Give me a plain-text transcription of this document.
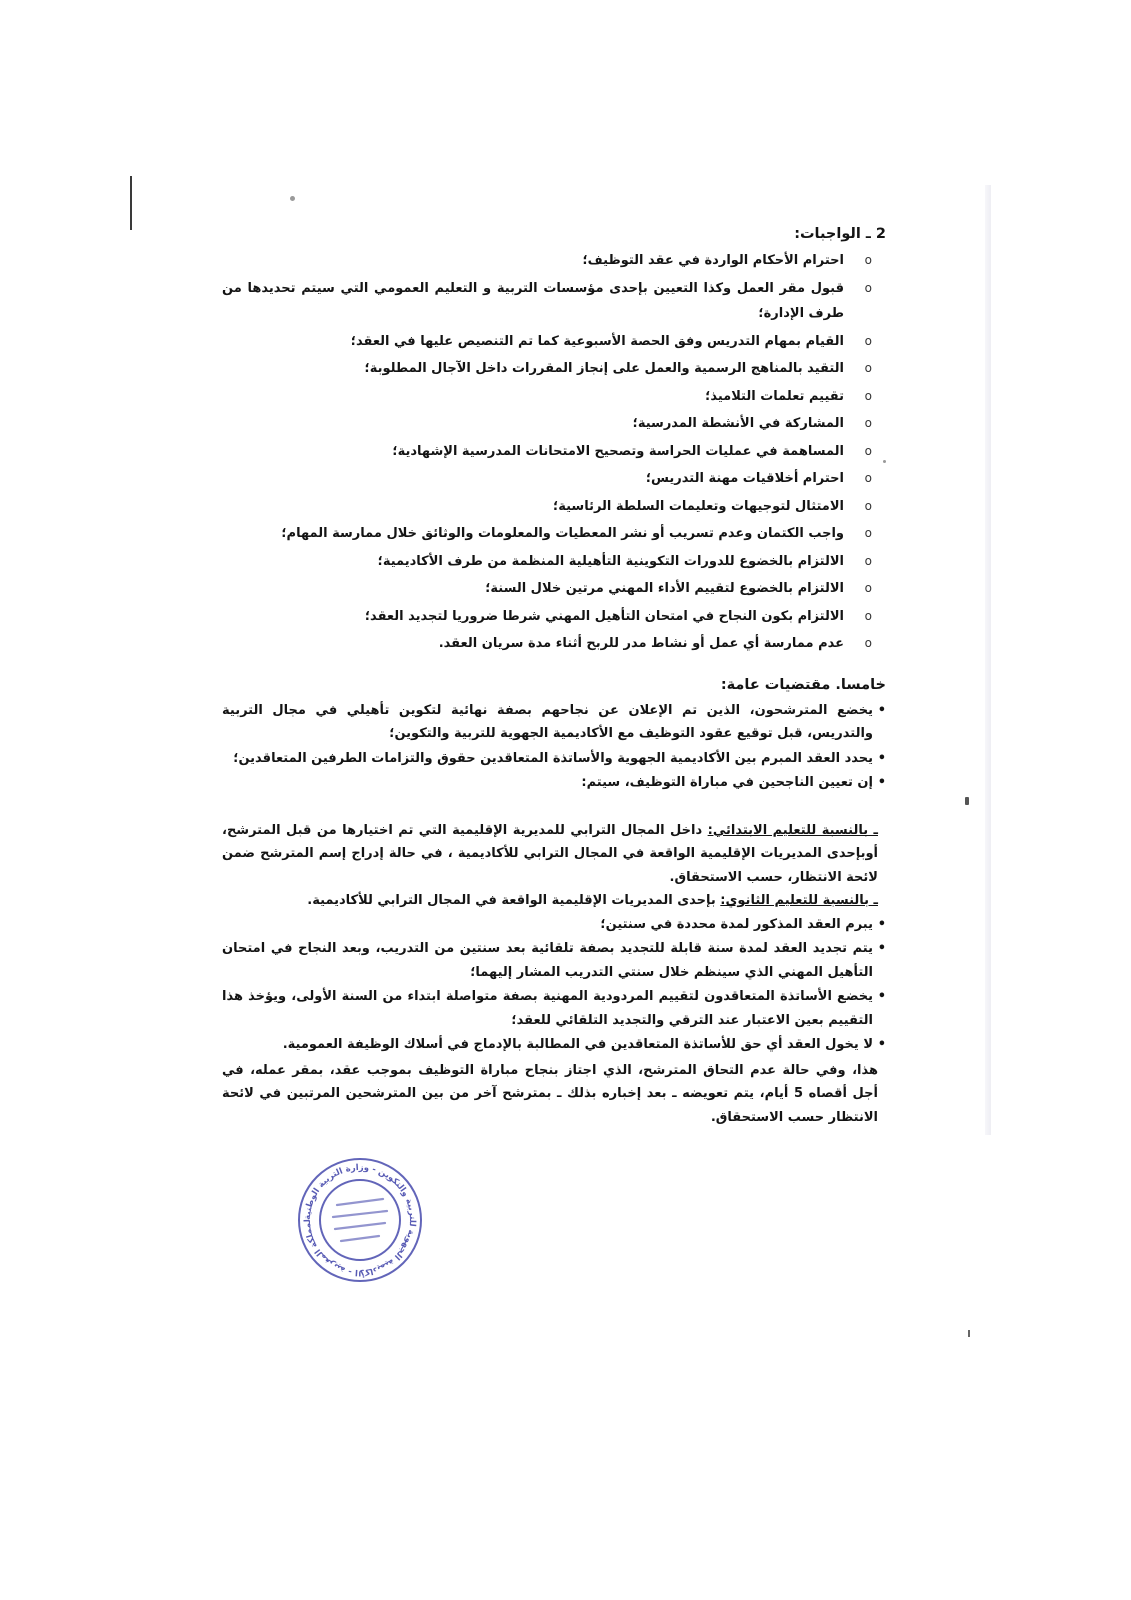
2 ـ الواجبات:
o
احترام الأحكام الواردة في عقد التوظيف؛
o
قبول مقر العمل وكذا التعيين بإحدى مؤسسات التربية و التعليم العمومي التي سيتم تحديدها من طرف الإدارة؛
o
القيام بمهام التدريس وفق الحصة الأسبوعية كما تم التنصيص عليها في العقد؛
o
التقيد بالمناهج الرسمية والعمل على إنجاز المقررات داخل الآجال المطلوبة؛
o
تقييم تعلمات التلاميذ؛
o
المشاركة في الأنشطة المدرسية؛
o
المساهمة في عمليات الحراسة وتصحيح الامتحانات المدرسية الإشهادية؛
o
احترام أخلاقيات مهنة التدريس؛
o
الامتثال لتوجيهات وتعليمات السلطة الرئاسية؛
o
واجب الكتمان وعدم تسريب أو نشر المعطيات والمعلومات والوثائق خلال ممارسة المهام؛
o
الالتزام بالخضوع للدورات التكوينية التأهيلية المنظمة من طرف الأكاديمية؛
o
الالتزام بالخضوع لتقييم الأداء المهني مرتين خلال السنة؛
o
الالتزام بكون النجاح في امتحان التأهيل المهني شرطا ضروريا لتجديد العقد؛
o
عدم ممارسة أي عمل أو نشاط مدر للربح أثناء مدة سريان العقد.
خامسا. مقتضيات عامة:
•
يخضع المترشحون، الذين تم الإعلان عن نجاحهم بصفة نهائية لتكوين تأهيلي في مجال التربية والتدريس، قبل توقيع عقود التوظيف مع الأكاديمية الجهوية للتربية والتكوين؛
•
يحدد العقد المبرم بين الأكاديمية الجهوية والأساتذة المتعاقدين حقوق والتزامات الطرفين المتعاقدين؛
•
إن تعيين الناجحين في مباراة التوظيف، سيتم:
ـ بالنسبة للتعليم الابتدائي: داخل المجال الترابي للمديرية الإقليمية التي تم اختيارها من قبل المترشح، أوبإحدى المديريات الإقليمية الواقعة في المجال الترابي للأكاديمية ، في حالة إدراج إسم المترشح ضمن لائحة الانتظار، حسب الاستحقاق.
ـ بالنسبة للتعليم الثانوي: بإحدى المديريات الإقليمية الواقعة في المجال الترابي للأكاديمية.
•
يبرم العقد المذكور لمدة محددة في سنتين؛
•
يتم تجديد العقد لمدة سنة قابلة للتجديد بصفة تلقائية بعد سنتين من التدريب، وبعد النجاح في امتحان التأهيل المهني الذي سينظم خلال سنتي التدريب المشار إليهما؛
•
يخضع الأساتذة المتعاقدون لتقييم المردودية المهنية بصفة متواصلة ابتداء من السنة الأولى، ويؤخذ هذا التقييم بعين الاعتبار عند الترقي والتجديد التلقائي للعقد؛
•
لا يخول العقد أي حق للأساتذة المتعاقدين في المطالبة بالإدماج في أسلاك الوظيفة العمومية.
هذا، وفي حالة عدم التحاق المترشح، الذي اجتاز بنجاح مباراة التوظيف بموجب عقد، بمقر عمله، في أجل أقصاه 5 أيام، يتم تعويضه ـ بعد إخباره بذلك ـ بمترشح آخر من بين المترشحين المرتبين في لائحة الانتظار حسب الاستحقاق.
لمملكة المغربية - الأكاديمية الجهوية للتربية والتكوين - وزارة التربية الوطنية
